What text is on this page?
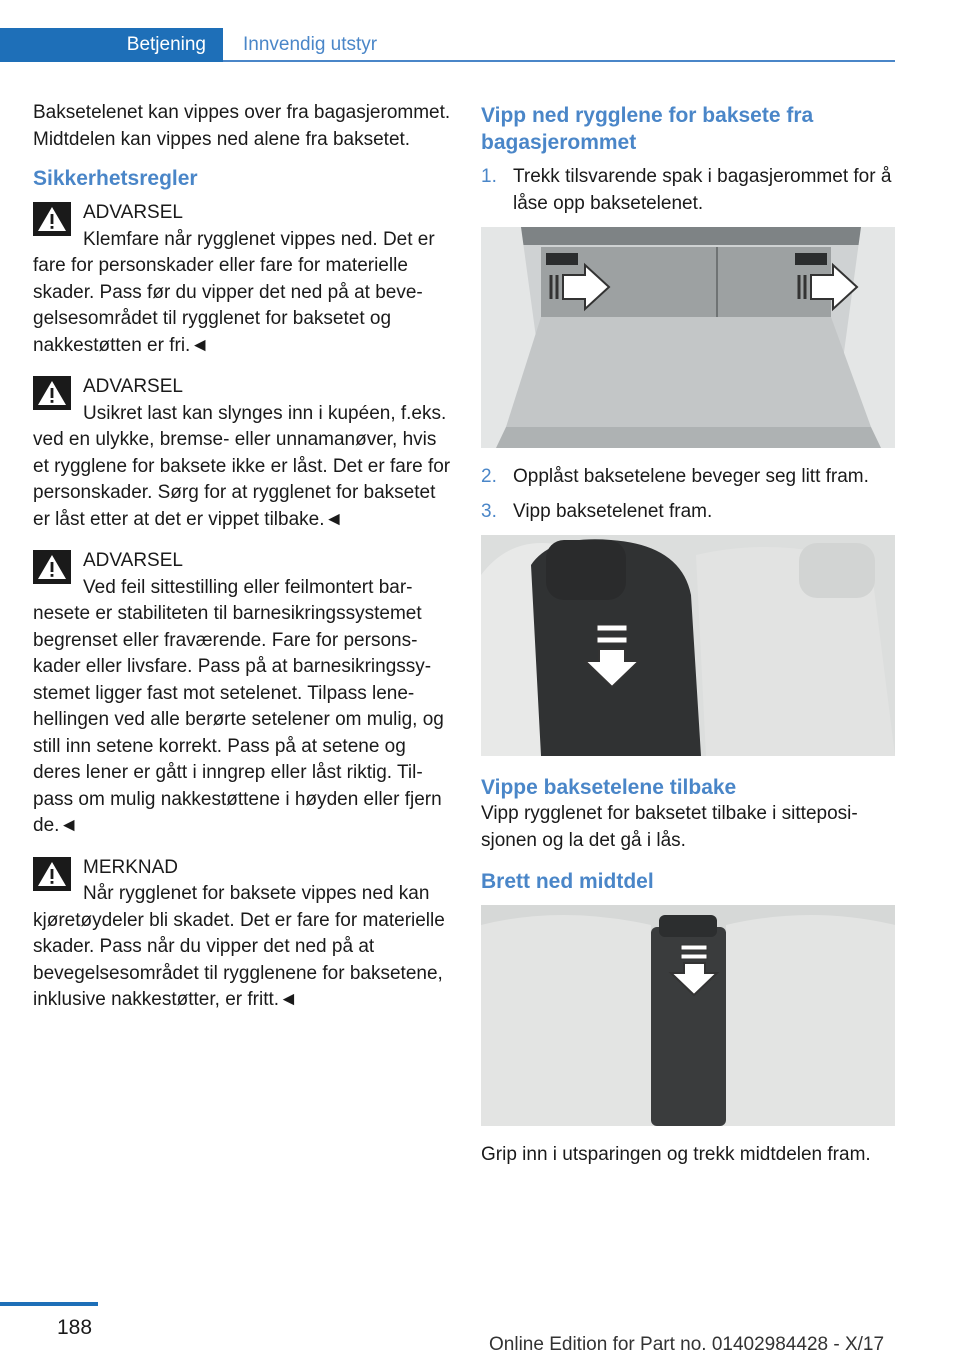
Betjening	Innvendig utstyr

Baksetelenet kan vippes over fra bagasjerommet. Midtdelen kan vippes ned alene fra baksetet.

Sikkerhetsregler
ADVARSEL
Klemfare når rygglenet vippes ned. Det er fare for personskader eller fare for materielle skader. Pass før du vipper det ned på at bevegelsesområdet til rygglenet for baksetet og nakkestøtten er fri.◄
ADVARSEL
Usikret last kan slynges inn i kupéen, f.eks. ved en ulykke, bremse- eller unnamanøver, hvis et rygglene for baksete ikke er låst. Det er fare for personskader. Sørg for at rygglenet for baksetet er låst etter at det er vippet tilbake.◄
ADVARSEL
Ved feil sittestilling eller feilmontert barnesete er stabiliteten til barnesikringssystemet begrenset eller fraværende. Fare for personskader eller livsfare. Pass på at barnesikringssystemet ligger fast mot setelenet. Tilpass lenehellingen ved alle berørte setelener om mulig, og still inn setene korrekt. Pass på at setene og deres lener er gått i inngrep eller låst riktig. Tilpass om mulig nakkestøttene i høyden eller fjern de.◄
MERKNAD
Når rygglenet for baksete vippes ned kan kjøretøydeler bli skadet. Det er fare for materielle skader. Pass når du vipper det ned på at bevegelsesområdet til rygglenene for baksetene, inklusive nakkestøtter, er fritt.◄
Vipp ned rygglene for baksete fra bagasjerommet
1. Trekk tilsvarende spak i bagasjerommet for å låse opp baksetelenet.
2. Opplåst baksetelene beveger seg litt fram.
3. Vipp baksetelenet fram.
Vippe baksetelene tilbake

Vipp rygglenet for baksetet tilbake i sitteposisjonen og la det gå i lås.

Brett ned midtdel

Grip inn i utsparingen og trekk midtdelen fram.

188
Online Edition for Part no. 01402984428 - X/17
